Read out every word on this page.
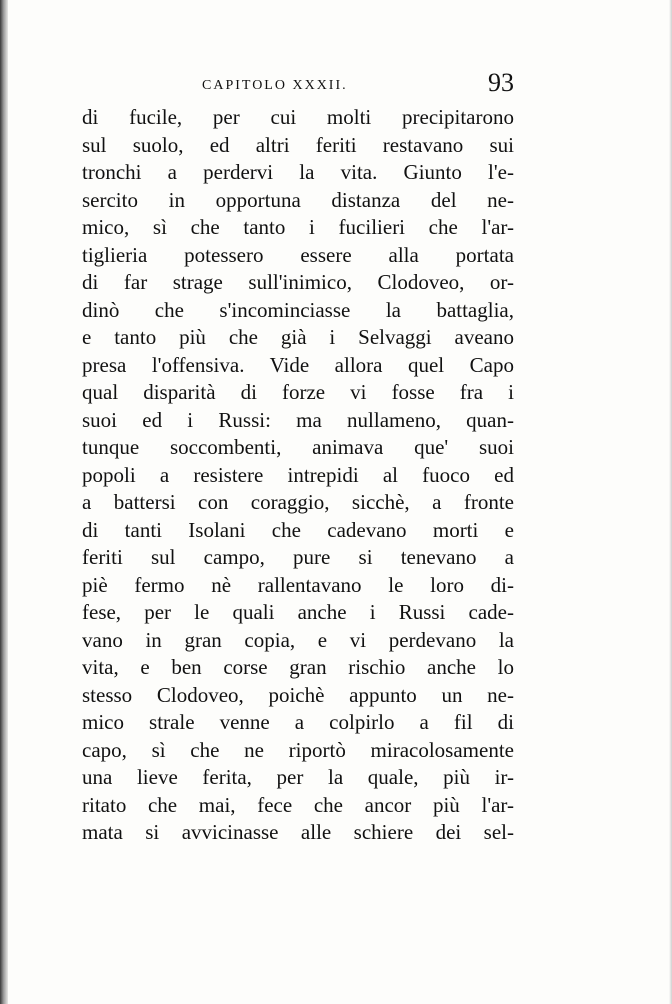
CAPITOLO XXXII.	93
di fucile, per cui molti precipitarono
sul suolo, ed altri feriti restavano sui
tronchi a perdervi la vita. Giunto l'e-
sercito in opportuna distanza del ne-
mico, sì che tanto i fucilieri che l'ar-
tiglieria potessero essere alla portata
di far strage sull'inimico, Clodoveo, or-
dinò che s'incominciasse la battaglia,
e tanto più che già i Selvaggi aveano
presa l'offensiva. Vide allora quel Capo
qual disparità di forze vi fosse fra i
suoi ed i Russi: ma nullameno, quan-
tunque soccombenti, animava que' suoi
popoli a resistere intrepidi al fuoco ed
a battersi con coraggio, sicchè, a fronte
di tanti Isolani che cadevano morti e
feriti sul campo, pure si tenevano a
piè fermo nè rallentavano le loro di-
fese, per le quali anche i Russi cade-
vano in gran copia, e vi perdevano la
vita, e ben corse gran rischio anche lo
stesso Clodoveo, poichè appunto un ne-
mico strale venne a colpirlo a fil di
capo, sì che ne riportò miracolosamente
una lieve ferita, per la quale, più ir-
ritato che mai, fece che ancor più l'ar-
mata si avvicinasse alle schiere dei sel-
